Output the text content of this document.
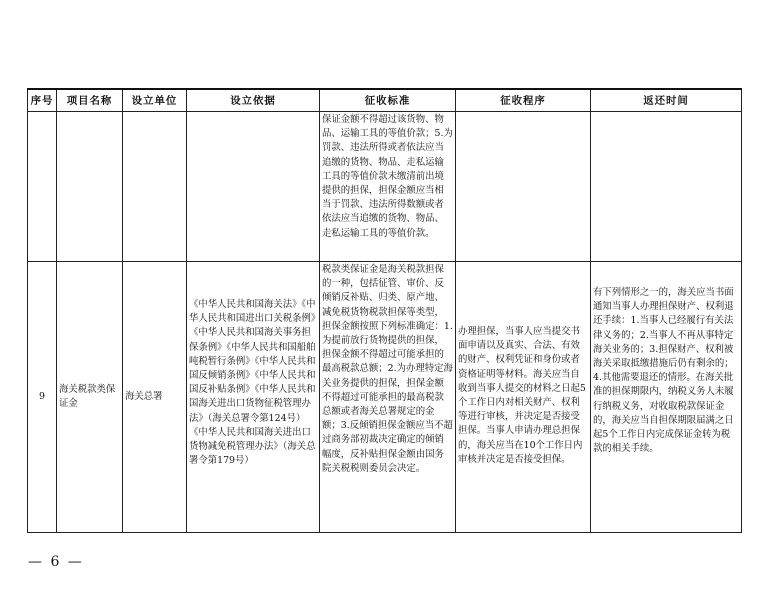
序号	项目名称	设立单位	设立依据	征收标准	征收程序	返还时间
				保证金额不得超过该货物、物品、运输工具的等值价款；5.为罚款、违法所得或者依法应当追缴的货物、物品、走私运输工具的等值价款未缴清前出境提供的担保，担保金额应当相当于罚款、违法所得数额或者依法应当追缴的货物、物品、走私运输工具的等值价款。		
9	海关税款类保证金	海关总署	《中华人民共和国海关法》《中华人民共和国进出口关税条例》《中华人民共和国海关事务担保条例》《中华人民共和国船舶吨税暂行条例》《中华人民共和国反倾销条例》《中华人民共和国反补贴条例》《中华人民共和国海关进出口货物征税管理办法》（海关总署令第124号）《中华人民共和国海关进出口货物减免税管理办法》（海关总署令第179号）	税款类保证金是海关税款担保的一种，包括征管、审价、反倾销反补贴、归类、原产地、减免税货物税款担保等类型，担保金额按照下列标准确定：1.为提前放行货物提供的担保，担保金额不得超过可能承担的最高税款总额；2.为办理特定海关业务提供的担保，担保金额不得超过可能承担的最高税款总额或者海关总署规定的金额；3.反倾销担保金额应当不超过商务部初裁决定确定的倾销幅度，反补贴担保金额由国务院关税税则委员会决定。	办理担保，当事人应当提交书面申请以及真实、合法、有效的财产、权利凭证和身份或者资格证明等材料。海关应当自收到当事人提交的材料之日起5个工作日内对相关财产、权利等进行审核，并决定是否接受担保。当事人申请办理总担保的，海关应当在10个工作日内审核并决定是否接受担保。	有下列情形之一的，海关应当书面通知当事人办理担保财产、权利退还手续：1.当事人已经履行有关法律义务的；2.当事人不再从事特定海关业务的；3.担保财产、权利被海关采取抵缴措施后仍有剩余的；4.其他需要退还的情形。在海关批准的担保期限内，纳税义务人未履行纳税义务，对收取税款保证金的，海关应当自担保期限届满之日起5个工作日内完成保证金转为税款的相关手续。
— 6 —
